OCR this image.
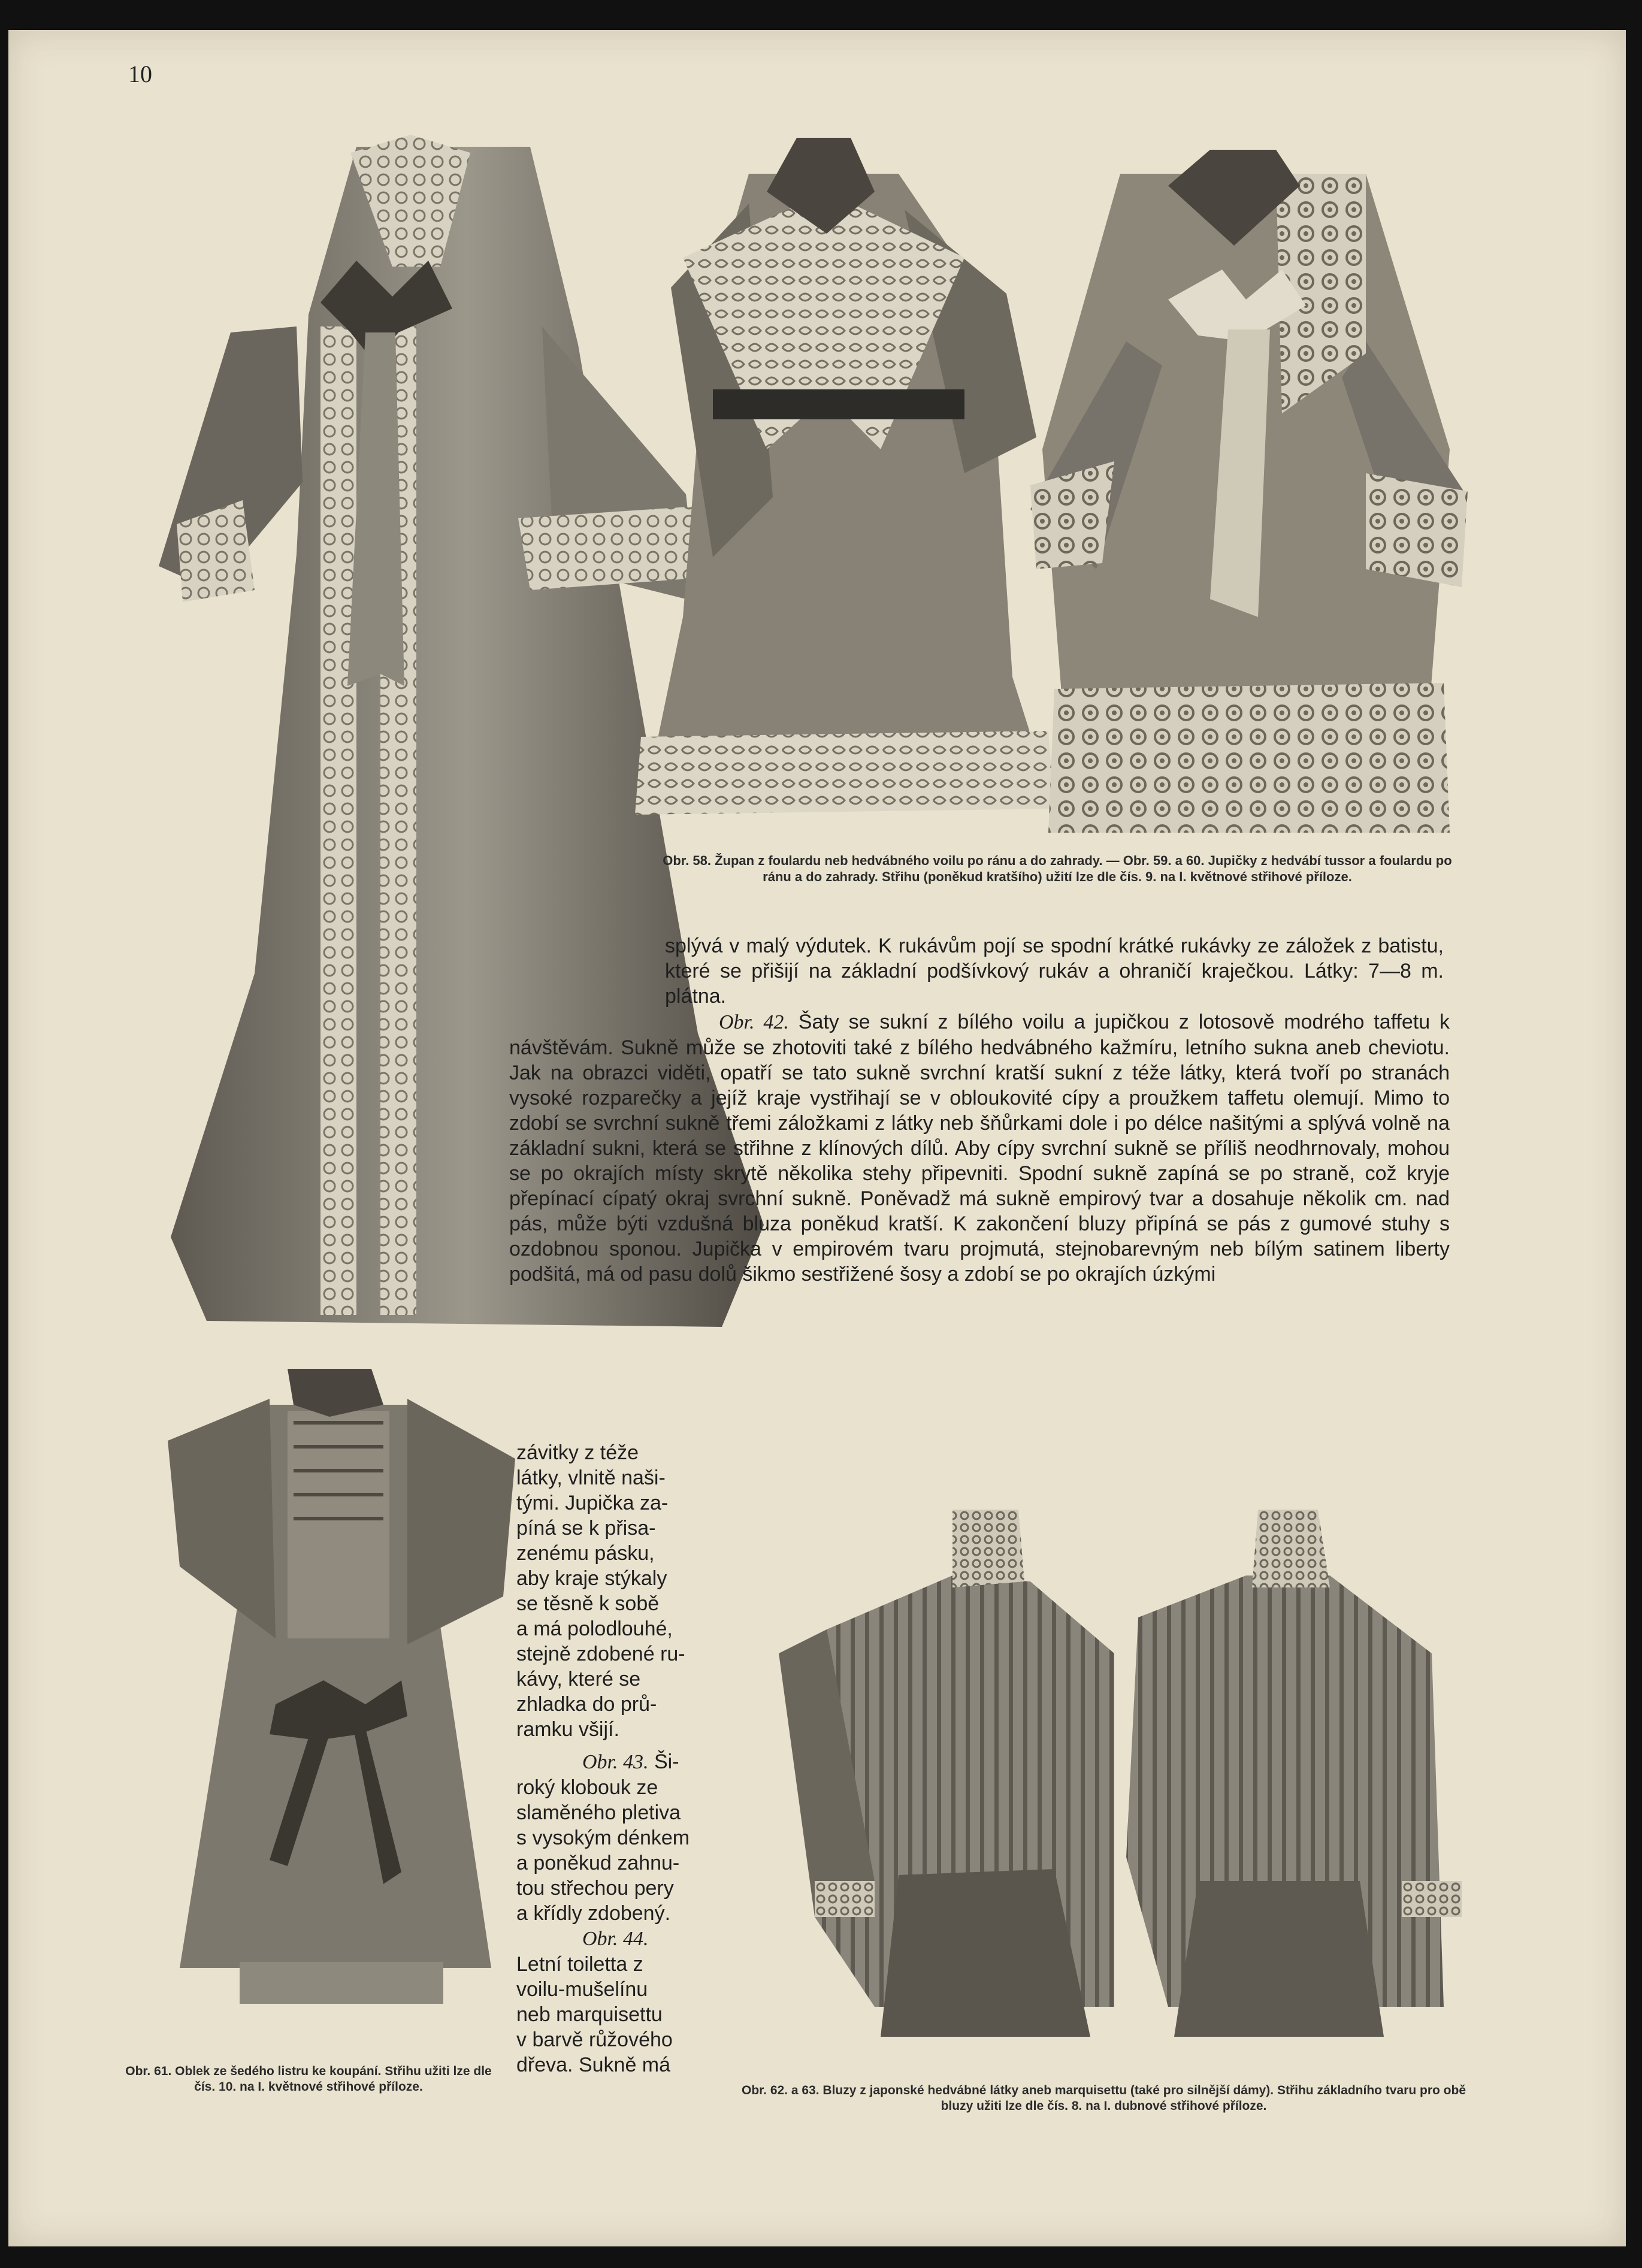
10
Obr. 58. Župan z foulardu neb hedvábného voilu po ránu a do zahrady. — Obr. 59. a 60. Jupičky z hedvábí tussor a foulardu po ránu a do zahrady. Střihu (poněkud kratšího) užití lze dle čís. 9. na I. květnové střihové příloze.

splývá v malý výdutek. K rukávům pojí se spodní krátké rukávky ze záložek z batistu, které se přišijí na základní podšívkový rukáv a ohraničí kraječkou. Látky: 7—8 m. plátna.

Obr. 42. Šaty se sukní z bílého voilu a jupičkou z lotosově modrého taffetu k návštěvám. Sukně může se zhotoviti také z bílého hedvábného kažmíru, letního sukna aneb cheviotu. Jak na obrazci viděti, opatří se tato sukně svrchní kratší sukní z téže látky, která tvoří po stranách vysoké rozparečky a jejíž kraje vystřihají se v obloukovité cípy a proužkem taffetu olemují. Mimo to zdobí se svrchní sukně třemi záložkami z látky neb šňůrkami dole i po délce našitými a splývá volně na základní sukni, která se střihne z klínových dílů. Aby cípy svrchní sukně se příliš neodhrnovaly, mohou se po okrajích místy skrytě několika stehy připevniti. Spodní sukně zapíná se po straně, což kryje přepínací cípatý okraj svrchní sukně. Poněvadž má sukně empirový tvar a dosahuje několik cm. nad pás, může býti vzdušná bluza poněkud kratší. K zakončení bluzy připíná se pás z gumové stuhy s ozdobnou sponou. Jupička v empirovém tvaru projmutá, stejnobarevným neb bílým satinem liberty podšitá, má od pasu dolů šikmo sestřižené šosy a zdobí se po okrajích úzkými
Obr. 61. Oblek ze šedého listru ke koupání. Střihu užiti lze dle čís. 10. na I. květnové střihové příloze.
závitky z téže
látky, vlnitě naši-
tými. Jupička za-
píná se k přisa-
zenému pásku,
aby kraje stýkaly
se těsně k sobě
a má polodlouhé,
stejně zdobené ru-
kávy, které se
zhladka do prů-
ramku všijí.
Obr. 43. Ši-
roký klobouk ze
slaměného pletiva
s vysokým dénkem
a poněkud zahnu-
tou střechou pery
a křídly zdobený.
Obr. 44.
Letní toiletta z
voilu-mušelínu
neb marquisettu
v barvě růžového
dřeva. Sukně má
Obr. 62. a 63. Bluzy z japonské hedvábné látky aneb marquisettu (také pro silnější dámy). Střihu základního tvaru pro obě bluzy užiti lze dle čís. 8. na I. dubnové střihové příloze.
